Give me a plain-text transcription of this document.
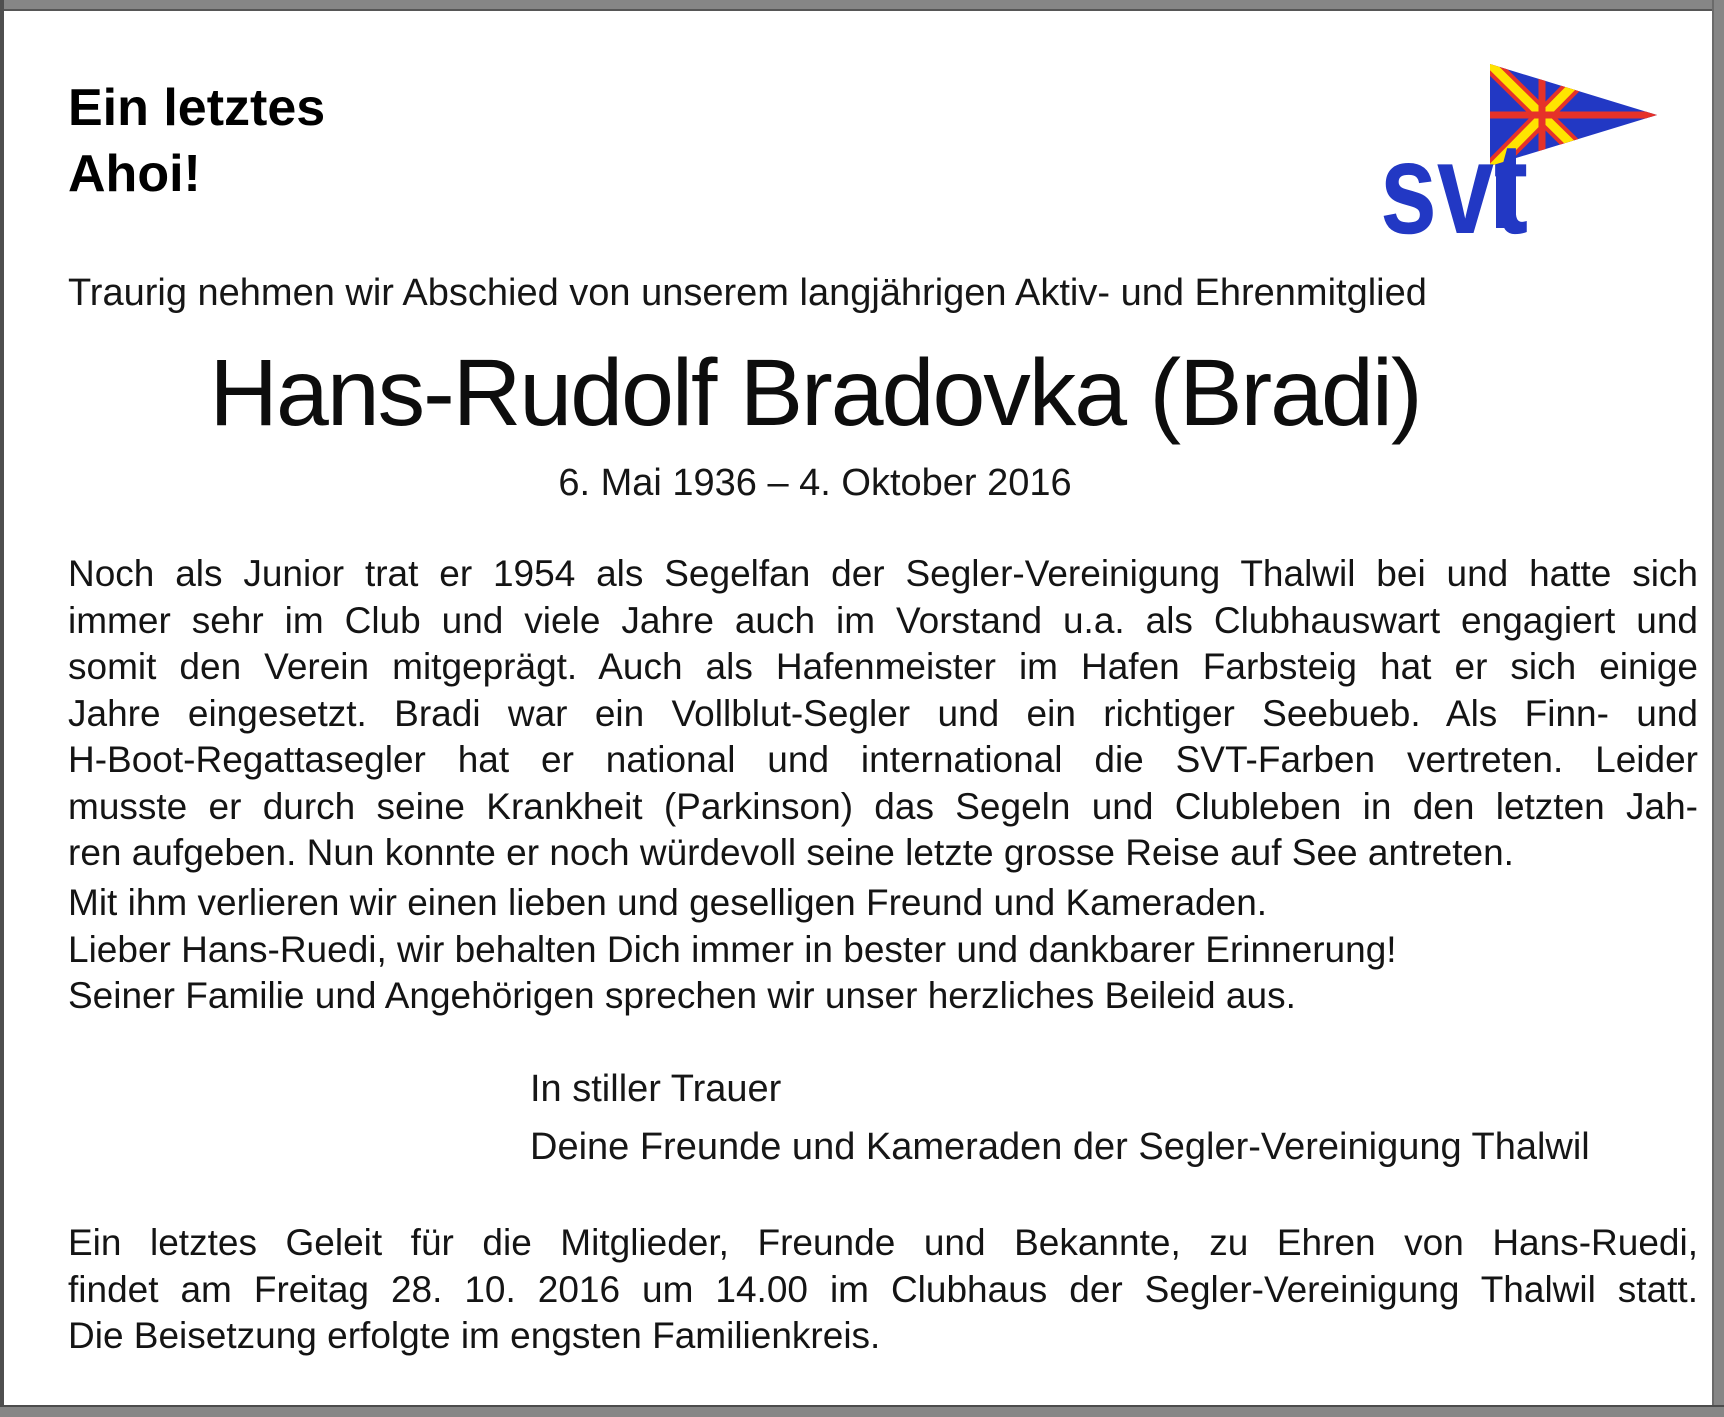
Ein letztes
Ahoi!	svt
Traurig nehmen wir Abschied von unserem langjährigen Aktiv- und Ehrenmitglied
Hans-Rudolf Bradovka (Bradi)
6. Mai 1936 – 4. Oktober 2016
Noch als Junior trat er 1954 als Segelfan der Segler-Vereinigung Thalwil bei und hatte sich
immer sehr im Club und viele Jahre auch im Vorstand u.a. als Clubhauswart engagiert und
somit den Verein mitgeprägt. Auch als Hafenmeister im Hafen Farbsteig hat er sich einige
Jahre eingesetzt. Bradi war ein Vollblut-Segler und ein richtiger Seebueb. Als Finn- und
H-Boot-Regattasegler hat er national und international die SVT-Farben vertreten. Leider
musste er durch seine Krankheit (Parkinson) das Segeln und Clubleben in den letzten Jah-
ren aufgeben. Nun konnte er noch würdevoll seine letzte grosse Reise auf See antreten.
Mit ihm verlieren wir einen lieben und geselligen Freund und Kameraden.
Lieber Hans-Ruedi, wir behalten Dich immer in bester und dankbarer Erinnerung!
Seiner Familie und Angehörigen sprechen wir unser herzliches Beileid aus.
In stiller Trauer
Deine Freunde und Kameraden der Segler-Vereinigung Thalwil
Ein letztes Geleit für die Mitglieder, Freunde und Bekannte, zu Ehren von Hans-Ruedi,
findet am Freitag 28. 10. 2016 um 14.00 im Clubhaus der Segler-Vereinigung Thalwil statt.
Die Beisetzung erfolgte im engsten Familienkreis.
